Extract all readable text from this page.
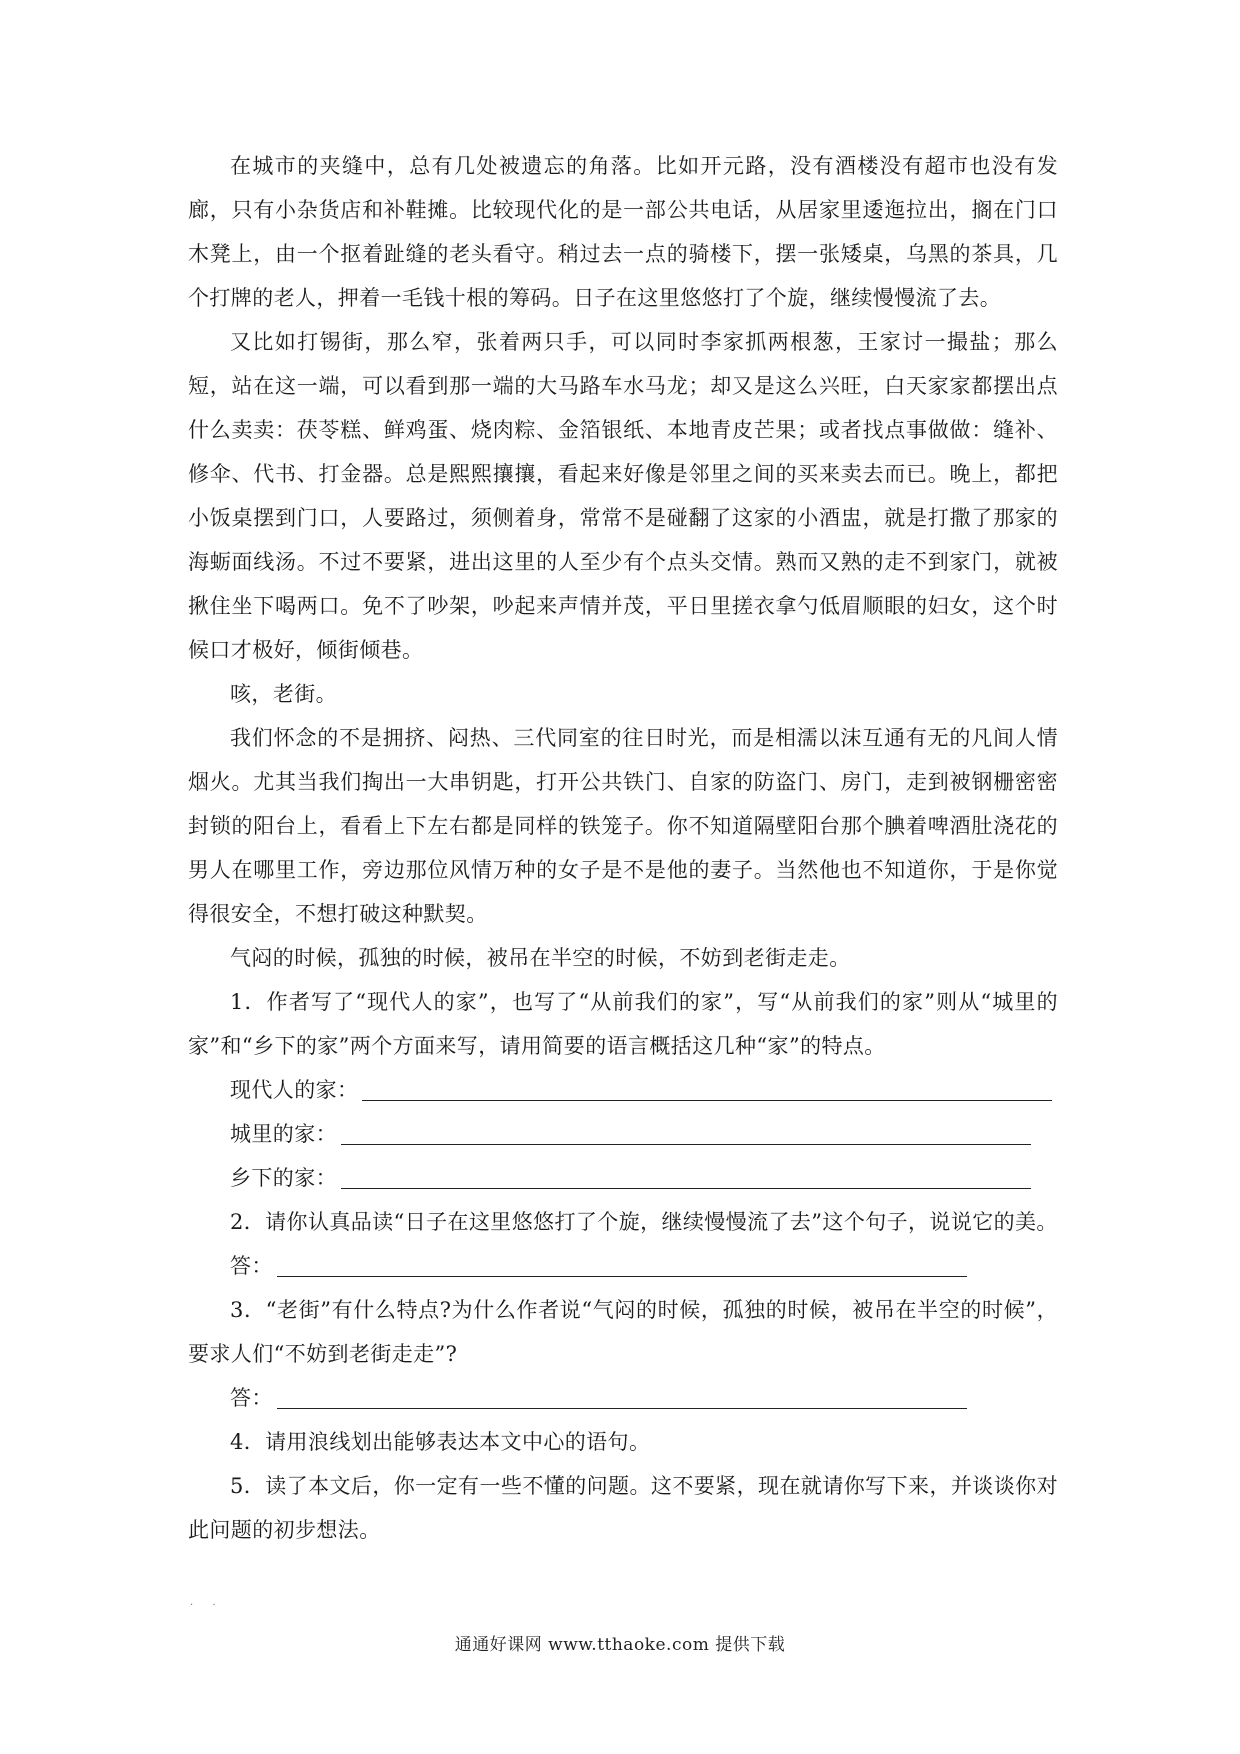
在城市的夹缝中，总有几处被遗忘的角落。比如开元路，没有酒楼没有超市也没有发廊，只有小杂货店和补鞋摊。比较现代化的是一部公共电话，从居家里逶迤拉出，搁在门口木凳上，由一个抠着趾缝的老头看守。稍过去一点的骑楼下，摆一张矮桌，乌黑的茶具，几个打牌的老人，押着一毛钱十根的筹码。日子在这里悠悠打了个旋，继续慢慢流了去。

又比如打锡街，那么窄，张着两只手，可以同时李家抓两根葱，王家讨一撮盐；那么短，站在这一端，可以看到那一端的大马路车水马龙；却又是这么兴旺，白天家家都摆出点什么卖卖：茯苓糕、鲜鸡蛋、烧肉粽、金箔银纸、本地青皮芒果；或者找点事做做：缝补、修伞、代书、打金器。总是熙熙攘攘，看起来好像是邻里之间的买来卖去而已。晚上，都把小饭桌摆到门口，人要路过，须侧着身，常常不是碰翻了这家的小酒盅，就是打撒了那家的海蛎面线汤。不过不要紧，进出这里的人至少有个点头交情。熟而又熟的走不到家门，就被揪住坐下喝两口。免不了吵架，吵起来声情并茂，平日里搓衣拿勺低眉顺眼的妇女，这个时候口才极好，倾街倾巷。

咳，老街。

我们怀念的不是拥挤、闷热、三代同室的往日时光，而是相濡以沫互通有无的凡间人情烟火。尤其当我们掏出一大串钥匙，打开公共铁门、自家的防盗门、房门，走到被钢栅密密封锁的阳台上，看看上下左右都是同样的铁笼子。你不知道隔壁阳台那个腆着啤酒肚浇花的男人在哪里工作，旁边那位风情万种的女子是不是他的妻子。当然他也不知道你，于是你觉得很安全，不想打破这种默契。

气闷的时候，孤独的时候，被吊在半空的时候，不妨到老街走走。

1．作者写了“现代人的家”，也写了“从前我们的家”，写“从前我们的家”则从“城里的家”和“乡下的家”两个方面来写，请用简要的语言概括这几种“家”的特点。

现代人的家：
城里的家：
乡下的家：

2．请你认真品读“日子在这里悠悠打了个旋，继续慢慢流了去”这个句子，说说它的美。

答：

3．“老街”有什么特点?为什么作者说“气闷的时候，孤独的时候，被吊在半空的时候”，要求人们“不妨到老街走走”?

答：

4．请用浪线划出能够表达本文中心的语句。

5．读了本文后，你一定有一些不懂的问题。这不要紧，现在就请你写下来，并谈谈你对此问题的初步想法。

· ·
通通好课网 www.tthaoke.com 提供下载
